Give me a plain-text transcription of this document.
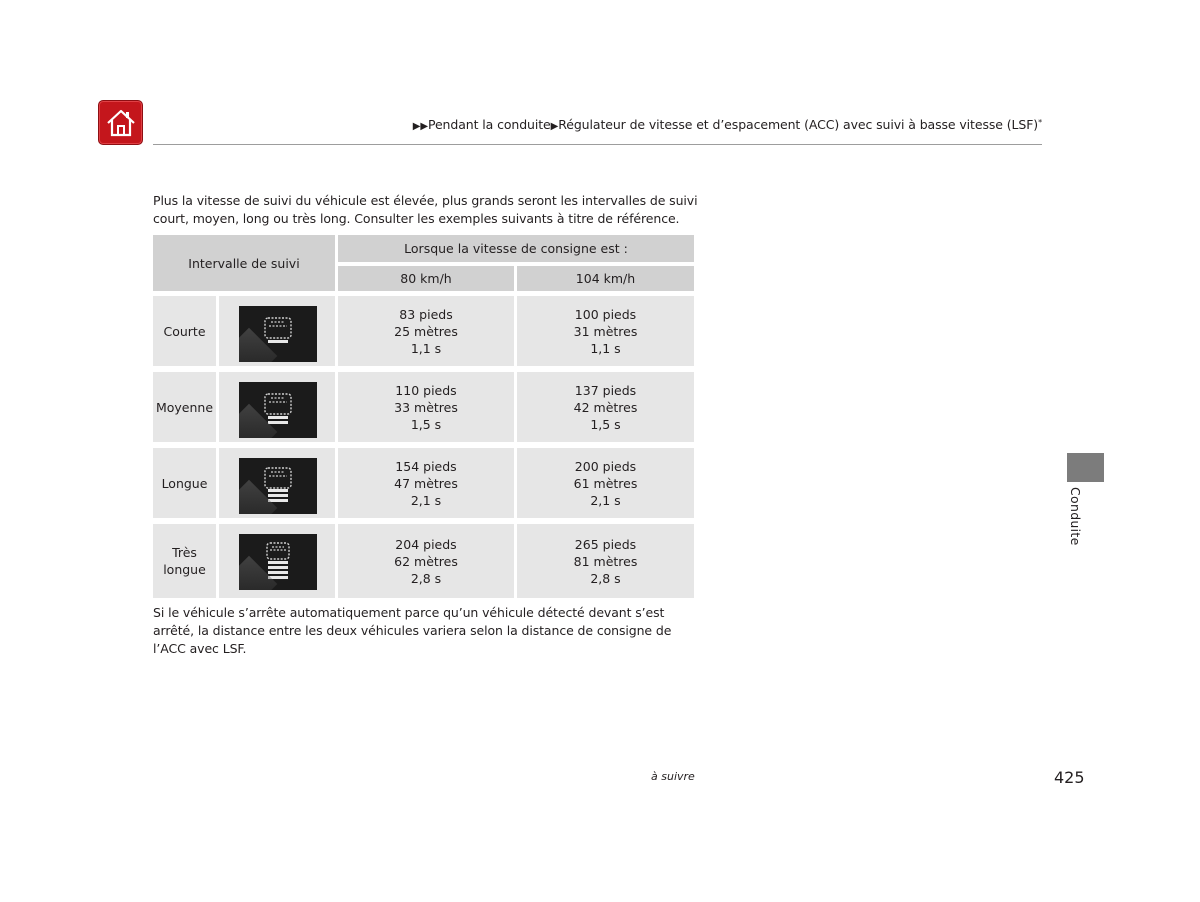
▶▶Pendant la conduite▶Régulateur de vitesse et d’espacement (ACC) avec suivi à basse vitesse (LSF)*

Plus la vitesse de suivi du véhicule est élevée, plus grands seront les intervalles de suivi court, moyen, long ou très long. Consulter les exemples suivants à titre de référence.

Intervalle de suivi
Lorsque la vitesse de consigne est :
80 km/h	104 km/h
Courte
83 pieds
25 mètres
1,1 s
100 pieds
31 mètres
1,1 s
Moyenne
110 pieds
33 mètres
1,5 s
137 pieds
42 mètres
1,5 s
Longue
154 pieds
47 mètres
2,1 s
200 pieds
61 mètres
2,1 s
Très
longue
204 pieds
62 mètres
2,8 s
265 pieds
81 mètres
2,8 s

Si le véhicule s’arrête automatiquement parce qu’un véhicule détecté devant s’est arrêté, la distance entre les deux véhicules variera selon la distance de consigne de l’ACC avec LSF.

Conduite
à suivre	425
